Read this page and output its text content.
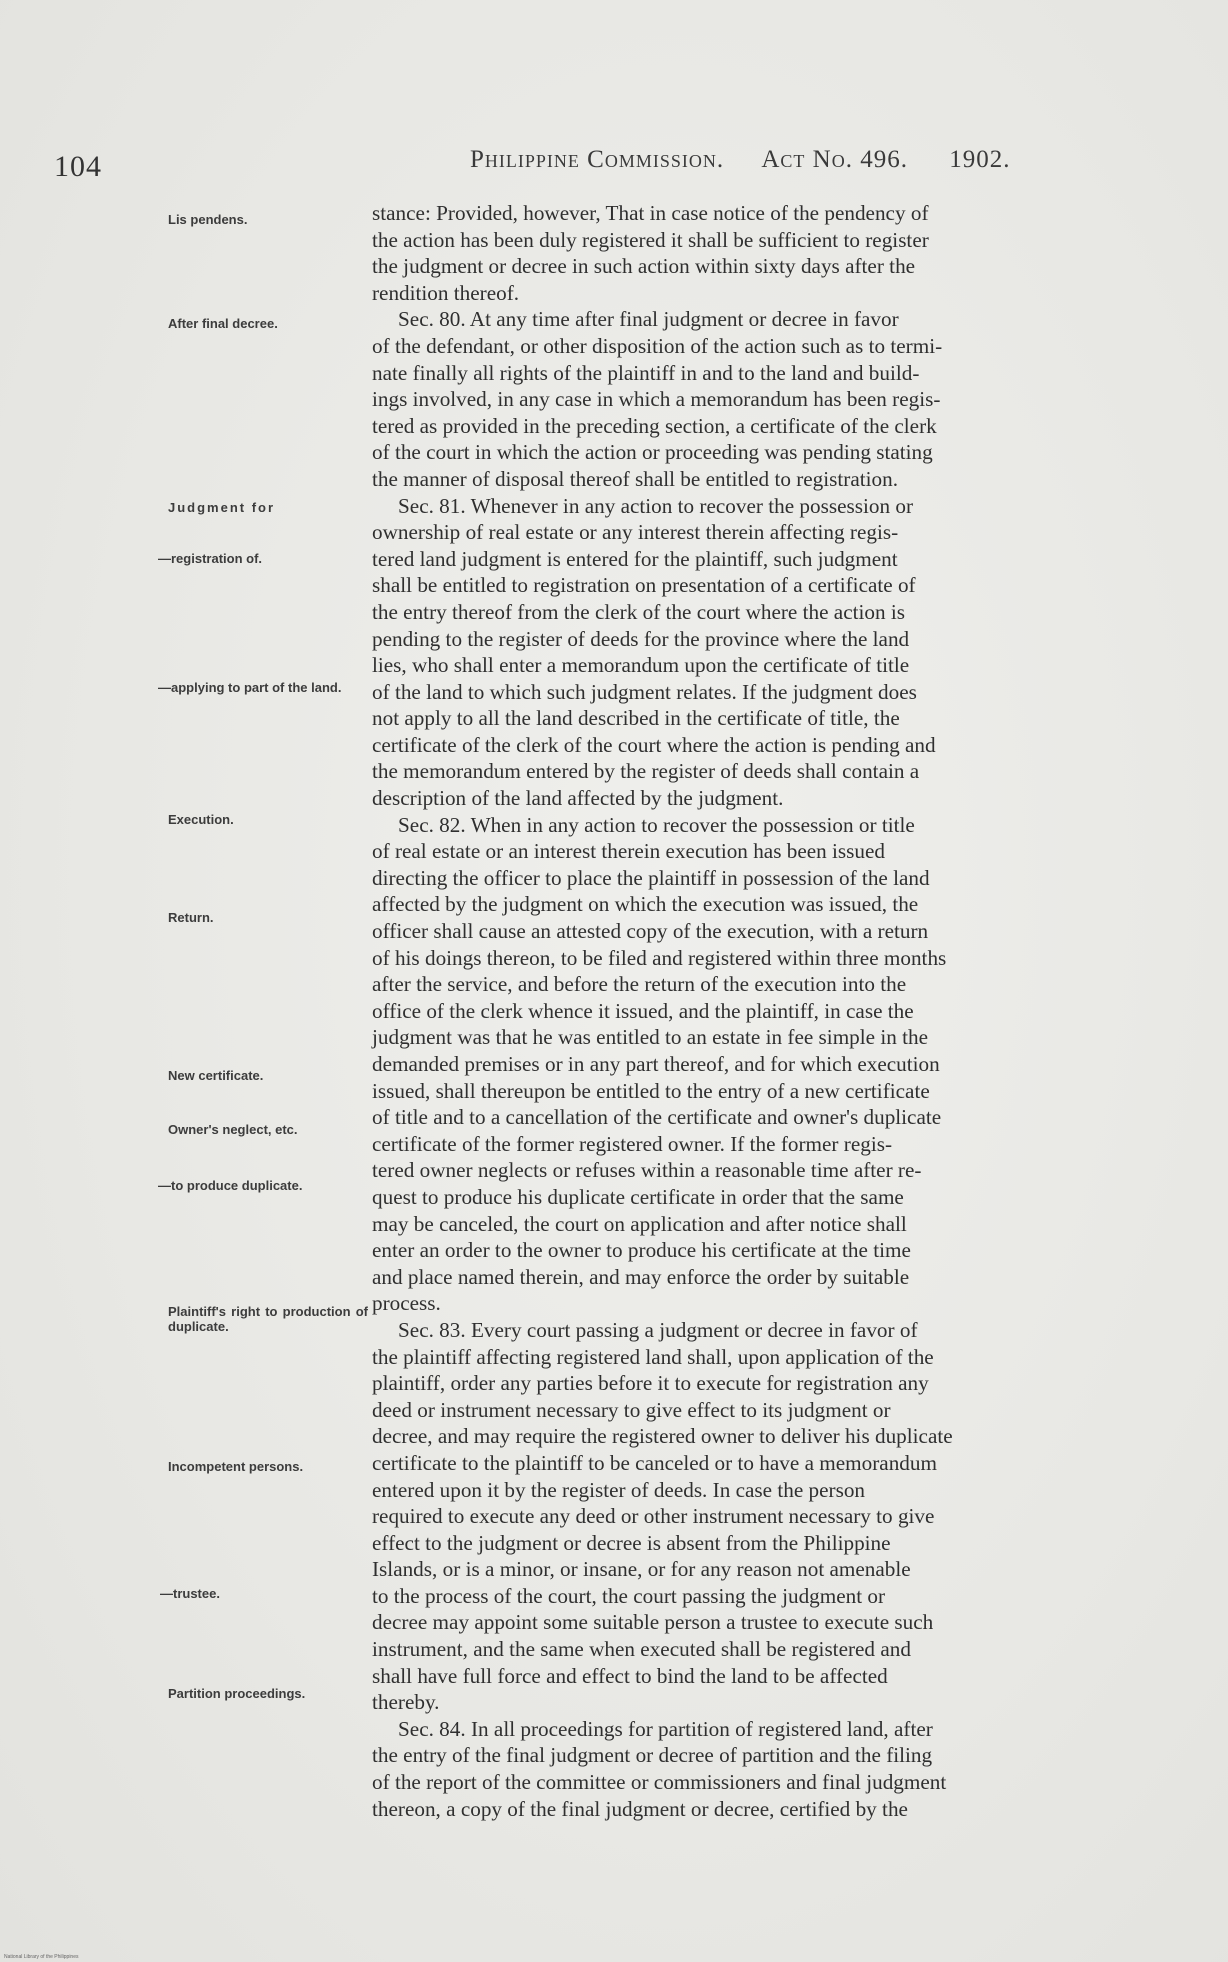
104	Philippine Commission. Act No. 496. 1902.
Lis pendens.
After final decree.
Judgment for
—registration of.
—applying to part of the land.
Execution.
Return.
New certificate.
Owner's neglect, etc.
—to produce duplicate.
Plaintiff's right to production of duplicate.
Incompetent persons.
—trustee.
Partition proceedings.
stance: Provided, however, That in case notice of the pendency of
the action has been duly registered it shall be sufficient to register
the judgment or decree in such action within sixty days after the
rendition thereof.
Sec. 80. At any time after final judgment or decree in favor
of the defendant, or other disposition of the action such as to termi-
nate finally all rights of the plaintiff in and to the land and build-
ings involved, in any case in which a memorandum has been regis-
tered as provided in the preceding section, a certificate of the clerk
of the court in which the action or proceeding was pending stating
the manner of disposal thereof shall be entitled to registration.
Sec. 81. Whenever in any action to recover the possession or
ownership of real estate or any interest therein affecting regis-
tered land judgment is entered for the plaintiff, such judgment
shall be entitled to registration on presentation of a certificate of
the entry thereof from the clerk of the court where the action is
pending to the register of deeds for the province where the land
lies, who shall enter a memorandum upon the certificate of title
of the land to which such judgment relates. If the judgment does
not apply to all the land described in the certificate of title, the
certificate of the clerk of the court where the action is pending and
the memorandum entered by the register of deeds shall contain a
description of the land affected by the judgment.
Sec. 82. When in any action to recover the possession or title
of real estate or an interest therein execution has been issued
directing the officer to place the plaintiff in possession of the land
affected by the judgment on which the execution was issued, the
officer shall cause an attested copy of the execution, with a return
of his doings thereon, to be filed and registered within three months
after the service, and before the return of the execution into the
office of the clerk whence it issued, and the plaintiff, in case the
judgment was that he was entitled to an estate in fee simple in the
demanded premises or in any part thereof, and for which execution
issued, shall thereupon be entitled to the entry of a new certificate
of title and to a cancellation of the certificate and owner's duplicate
certificate of the former registered owner. If the former regis-
tered owner neglects or refuses within a reasonable time after re-
quest to produce his duplicate certificate in order that the same
may be canceled, the court on application and after notice shall
enter an order to the owner to produce his certificate at the time
and place named therein, and may enforce the order by suitable
process.
Sec. 83. Every court passing a judgment or decree in favor of
the plaintiff affecting registered land shall, upon application of the
plaintiff, order any parties before it to execute for registration any
deed or instrument necessary to give effect to its judgment or
decree, and may require the registered owner to deliver his duplicate
certificate to the plaintiff to be canceled or to have a memorandum
entered upon it by the register of deeds. In case the person
required to execute any deed or other instrument necessary to give
effect to the judgment or decree is absent from the Philippine
Islands, or is a minor, or insane, or for any reason not amenable
to the process of the court, the court passing the judgment or
decree may appoint some suitable person a trustee to execute such
instrument, and the same when executed shall be registered and
shall have full force and effect to bind the land to be affected
thereby.
Sec. 84. In all proceedings for partition of registered land, after
the entry of the final judgment or decree of partition and the filing
of the report of the committee or commissioners and final judgment
thereon, a copy of the final judgment or decree, certified by the
National Library of the Philippines
